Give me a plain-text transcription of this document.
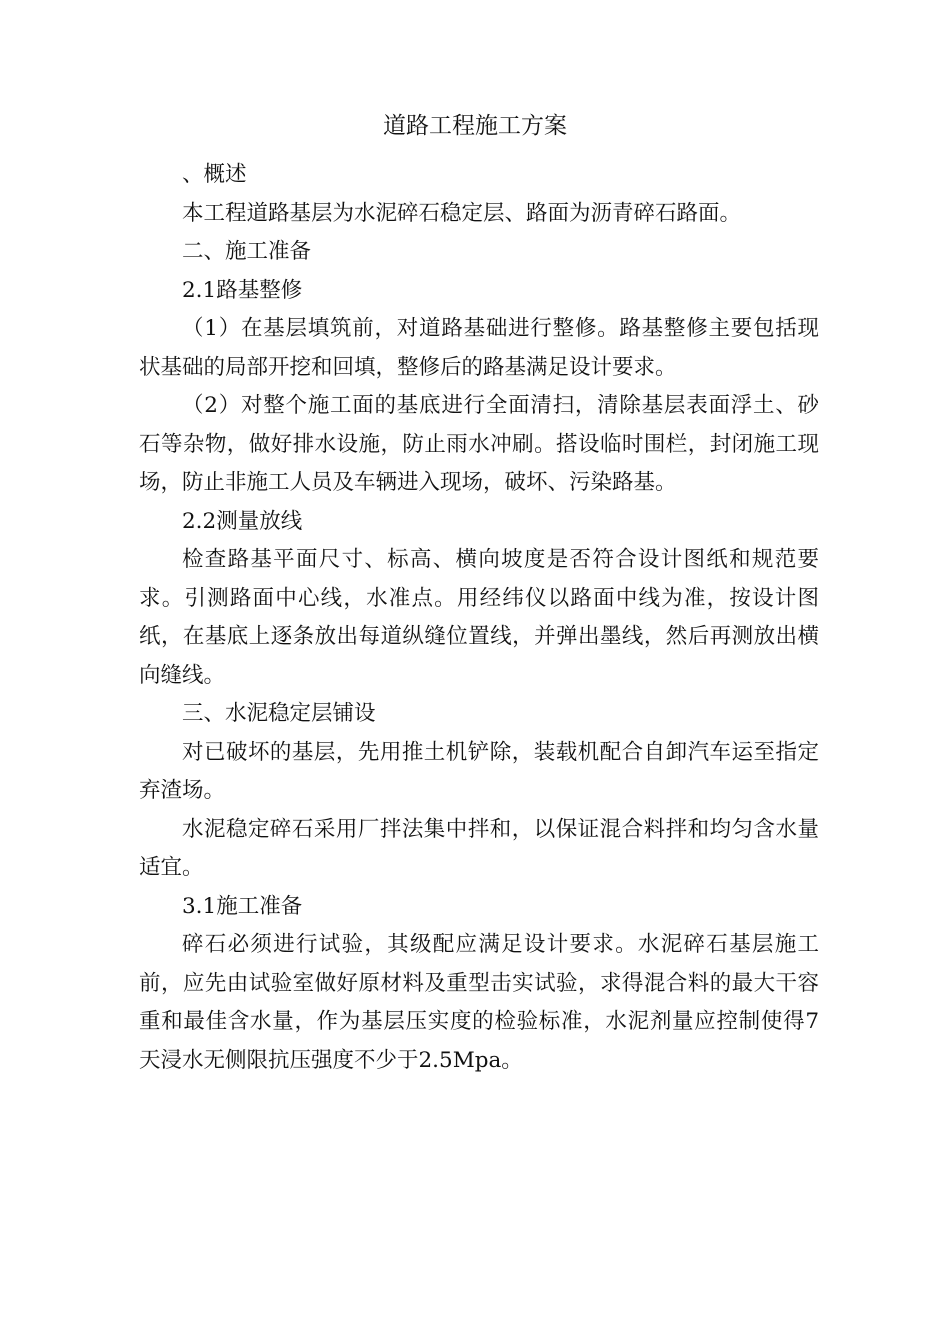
道路工程施工方案

、概述

本工程道路基层为水泥碎石稳定层、路面为沥青碎石路面。

二、施工准备

2.1路基整修

（1）在基层填筑前，对道路基础进行整修。路基整修主要包括现状基础的局部开挖和回填，整修后的路基满足设计要求。

（2）对整个施工面的基底进行全面清扫，清除基层表面浮土、砂石等杂物，做好排水设施，防止雨水冲刷。搭设临时围栏，封闭施工现场，防止非施工人员及车辆进入现场，破坏、污染路基。

2.2测量放线

检查路基平面尺寸、标高、横向坡度是否符合设计图纸和规范要求。引测路面中心线，水准点。用经纬仪以路面中线为准，按设计图纸，在基底上逐条放出每道纵缝位置线，并弹出墨线，然后再测放出横向缝线。

三、水泥稳定层铺设

对已破坏的基层，先用推土机铲除，装载机配合自卸汽车运至指定弃渣场。

水泥稳定碎石采用厂拌法集中拌和，以保证混合料拌和均匀含水量适宜。

3.1施工准备

碎石必须进行试验，其级配应满足设计要求。水泥碎石基层施工前，应先由试验室做好原材料及重型击实试验，求得混合料的最大干容重和最佳含水量，作为基层压实度的检验标准，水泥剂量应控制使得7天浸水无侧限抗压强度不少于2.5Mpa。
